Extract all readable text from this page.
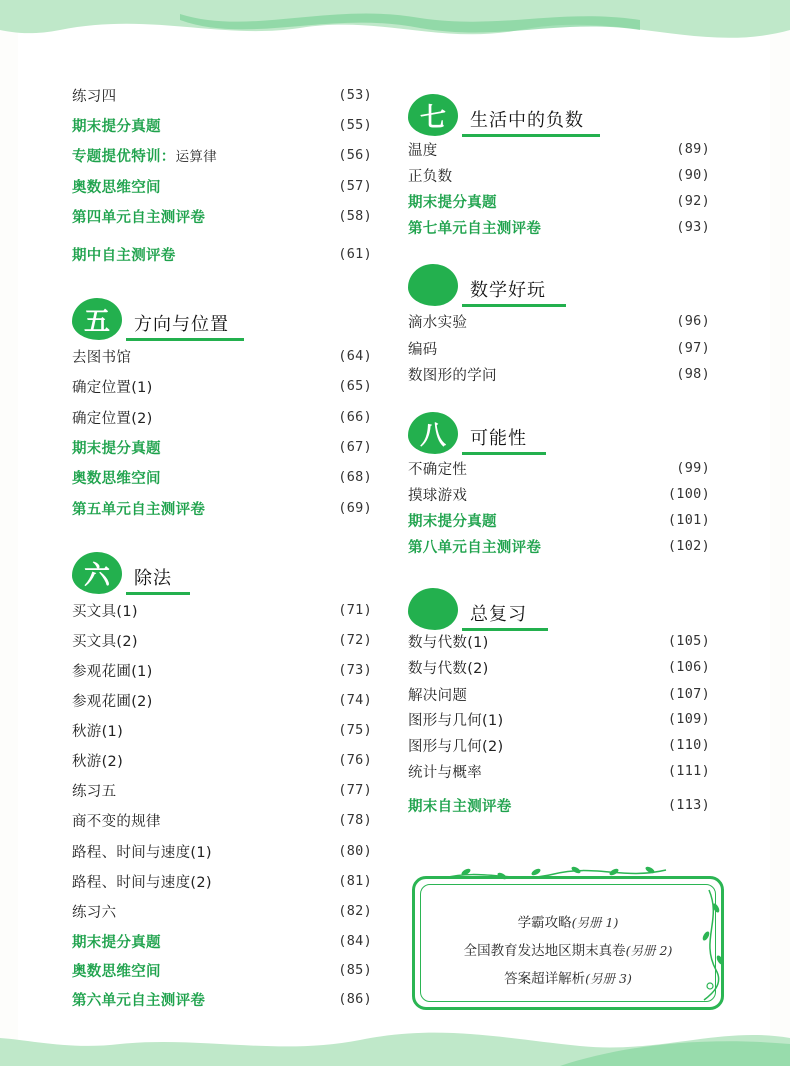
练习四	(53)
期末提分真题	(55)
专题提优特训：运算律	(56)
奥数思维空间	(57)
第四单元自主测评卷	(58)
期中自主测评卷	(61)
五	方向与位置
去图书馆	(64)
确定位置(1)	(65)
确定位置(2)	(66)
期末提分真题	(67)
奥数思维空间	(68)
第五单元自主测评卷	(69)
六	除法
买文具(1)	(71)
买文具(2)	(72)
参观花圃(1)	(73)
参观花圃(2)	(74)
秋游(1)	(75)
秋游(2)	(76)
练习五	(77)
商不变的规律	(78)
路程、时间与速度(1)	(80)
路程、时间与速度(2)	(81)
练习六	(82)
期末提分真题	(84)
奥数思维空间	(85)
第六单元自主测评卷	(86)
七	生活中的负数
温度	(89)
正负数	(90)
期末提分真题	(92)
第七单元自主测评卷	(93)
数学好玩
滴水实验	(96)
编码	(97)
数图形的学问	(98)
八	可能性
不确定性	(99)
摸球游戏	(100)
期末提分真题	(101)
第八单元自主测评卷	(102)
总复习
数与代数(1)	(105)
数与代数(2)	(106)
解决问题	(107)
图形与几何(1)	(109)
图形与几何(2)	(110)
统计与概率	(111)
期末自主测评卷	(113)
学霸攻略(另册 1)
全国教育发达地区期末真卷(另册 2)
答案超详解析(另册 3)
